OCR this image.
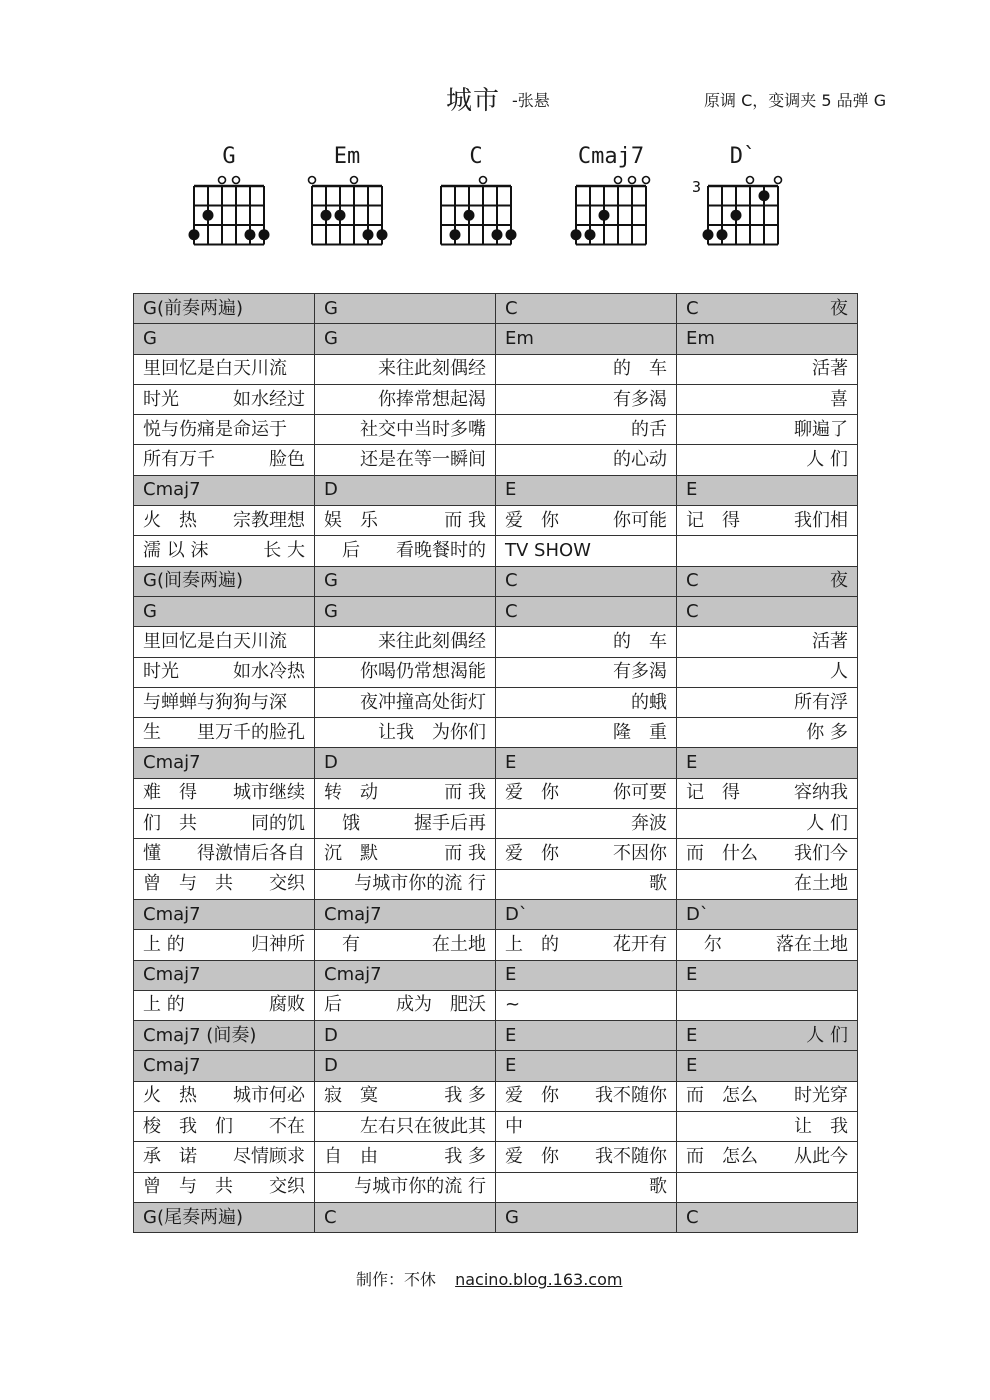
城市 -张悬	原调 C，变调夹 5 品弹 G
G	Em	C	Cmaj7	D`
3
G(前奏两遍)	G	C	C 夜

G	G	Em	Em

里回忆是白天川流	来往此刻偶经	的　车	活著

时光 如水经过	你捧常想起渴	有多渴	喜

悦与伤痛是命运于	社交中当时多嘴	的舌	聊遍了

所有万千 脸色	还是在等一瞬间	的心动	人 们

Cmaj7	D	E	E

火　热 宗教理想	娱　乐 而 我	爱　你 你可能	记　得 我们相

濡 以 沫 长 大	　后 看晚餐时的	TV SHOW	

G(间奏两遍)	G	C	C 夜

G	G	C	C

里回忆是白天川流	来往此刻偶经	的　车	活著

时光 如水冷热	你喝仍常想渴能	有多渴	人

与蝉蝉与狗狗与深	夜冲撞高处街灯	的蛾	所有浮

生 里万千的脸孔	让我　为你们	隆　重	你 多

Cmaj7	D	E	E

难　得 城市继续	转　动 而 我	爱　你 你可要	记　得 容纳我

们　共 同的饥	　饿 握手后再	奔波	人 们

懂 得激情后各自	沉　默 而 我	爱　你 不因你	而　什么 我们今

曾　与　共 交织	与城市你的流 行	歌	在土地

Cmaj7	Cmaj7	D`	D`

上 的 归神所	　有 在土地	上　的 花开有	　尔 落在土地

Cmaj7	Cmaj7	E	E

上 的 腐败	后 成为　肥沃	~	

Cmaj7 (间奏)	D	E	E 人 们

Cmaj7	D	E	E

火　热 城市何必	寂　寞 我 多	爱　你 我不随你	而　怎么 时光穿

梭　我　们 不在	左右只在彼此其	中	让　我

承　诺 尽情顾求	自　由 我 多	爱　你 我不随你	而　怎么 从此今

曾　与　共 交织	与城市你的流 行	歌	

G(尾奏两遍)	C	G	C
制作：不休 nacino.blog.163.com
